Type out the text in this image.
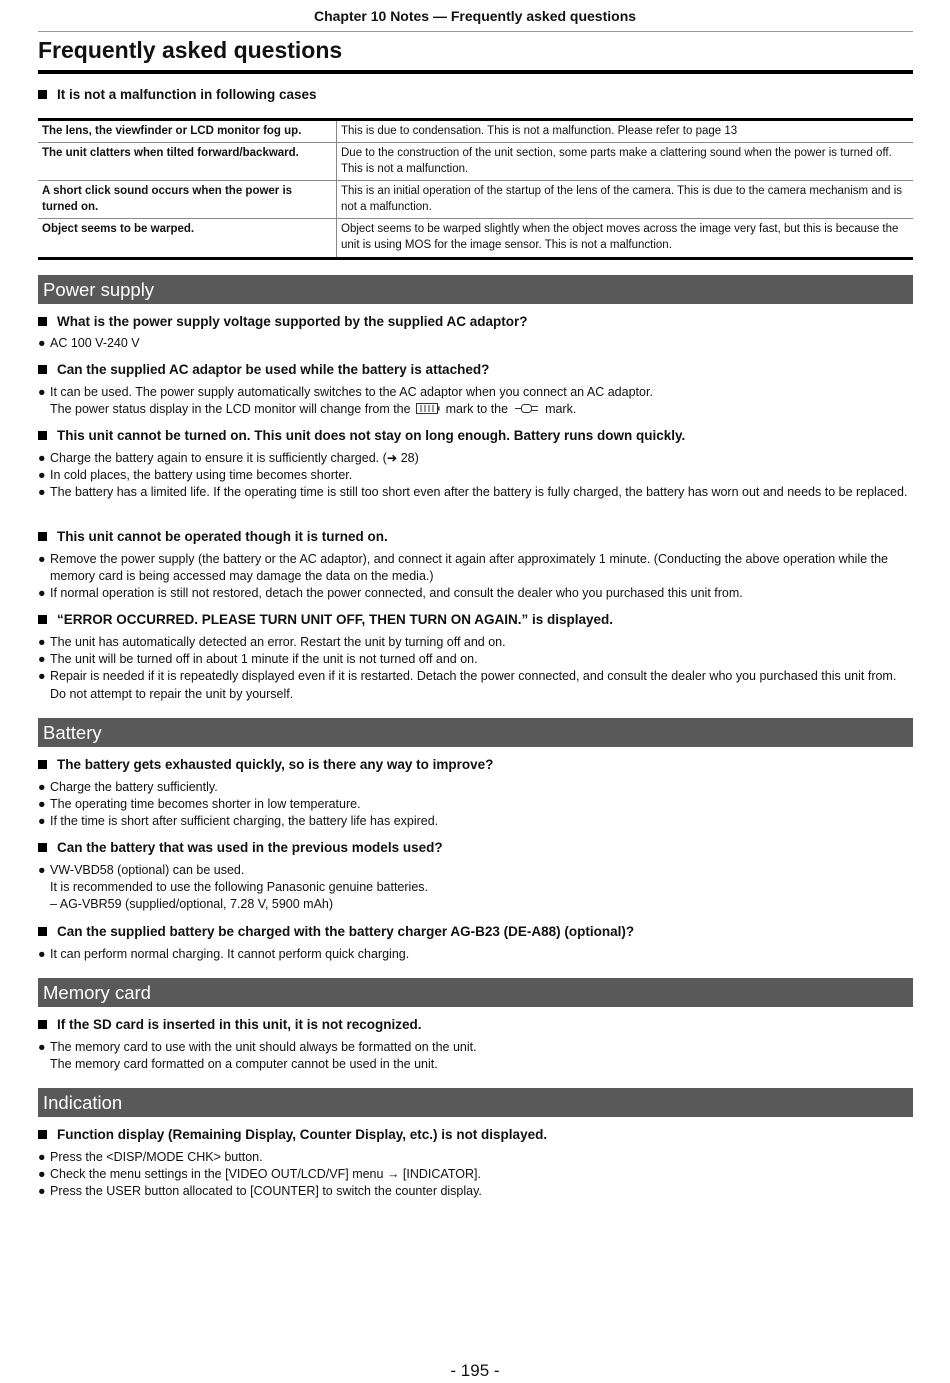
Chapter 10 Notes — Frequently asked questions
Frequently asked questions

It is not a malfunction in following cases

The lens, the viewfinder or LCD monitor fog up.	This is due to condensation. This is not a malfunction. Please refer to page 13
The unit clatters when tilted forward/backward.	Due to the construction of the unit section, some parts make a clattering sound when the power is turned off. This is not a malfunction.
A short click sound occurs when the power is turned on.	This is an initial operation of the startup of the lens of the camera. This is due to the camera mechanism and is not a malfunction.
Object seems to be warped.	Object seems to be warped slightly when the object moves across the image very fast, but this is because the unit is using MOS for the image sensor. This is not a malfunction.
Power supply

What is the power supply voltage supported by the supplied AC adaptor?

● AC 100 V-240 V

Can the supplied AC adaptor be used while the battery is attached?

● It can be used. The power supply automatically switches to the AC adaptor when you connect an AC adaptor.
The power status display in the LCD monitor will change from the	mark to the	mark.

This unit cannot be turned on. This unit does not stay on long enough. Battery runs down quickly.

● Charge the battery again to ensure it is sufficiently charged. (➜ 28)
● In cold places, the battery using time becomes shorter.
● The battery has a limited life. If the operating time is still too short even after the battery is fully charged, the battery has worn out and needs to be replaced.

This unit cannot be operated though it is turned on.

● Remove the power supply (the battery or the AC adaptor), and connect it again after approximately 1 minute. (Conducting the above operation while the memory card is being accessed may damage the data on the media.)
● If normal operation is still not restored, detach the power connected, and consult the dealer who you purchased this unit from.

“ERROR OCCURRED. PLEASE TURN UNIT OFF, THEN TURN ON AGAIN.” is displayed.

● The unit has automatically detected an error. Restart the unit by turning off and on.
● The unit will be turned off in about 1 minute if the unit is not turned off and on.
● Repair is needed if it is repeatedly displayed even if it is restarted. Detach the power connected, and consult the dealer who you purchased this unit from. Do not attempt to repair the unit by yourself.
Battery

The battery gets exhausted quickly, so is there any way to improve?

● Charge the battery sufficiently.
● The operating time becomes shorter in low temperature.
● If the time is short after sufficient charging, the battery life has expired.

Can the battery that was used in the previous models used?

● VW-VBD58 (optional) can be used.
It is recommended to use the following Panasonic genuine batteries.
– AG-VBR59 (supplied/optional, 7.28 V, 5900 mAh)

Can the supplied battery be charged with the battery charger AG-B23 (DE-A88) (optional)?

● It can perform normal charging. It cannot perform quick charging.
Memory card

If the SD card is inserted in this unit, it is not recognized.

● The memory card to use with the unit should always be formatted on the unit.
The memory card formatted on a computer cannot be used in the unit.
Indication

Function display (Remaining Display, Counter Display, etc.) is not displayed.

● Press the <DISP/MODE CHK> button.
● Check the menu settings in the [VIDEO OUT/LCD/VF] menu → [INDICATOR].
● Press the USER button allocated to [COUNTER] to switch the counter display.
- 195 -
